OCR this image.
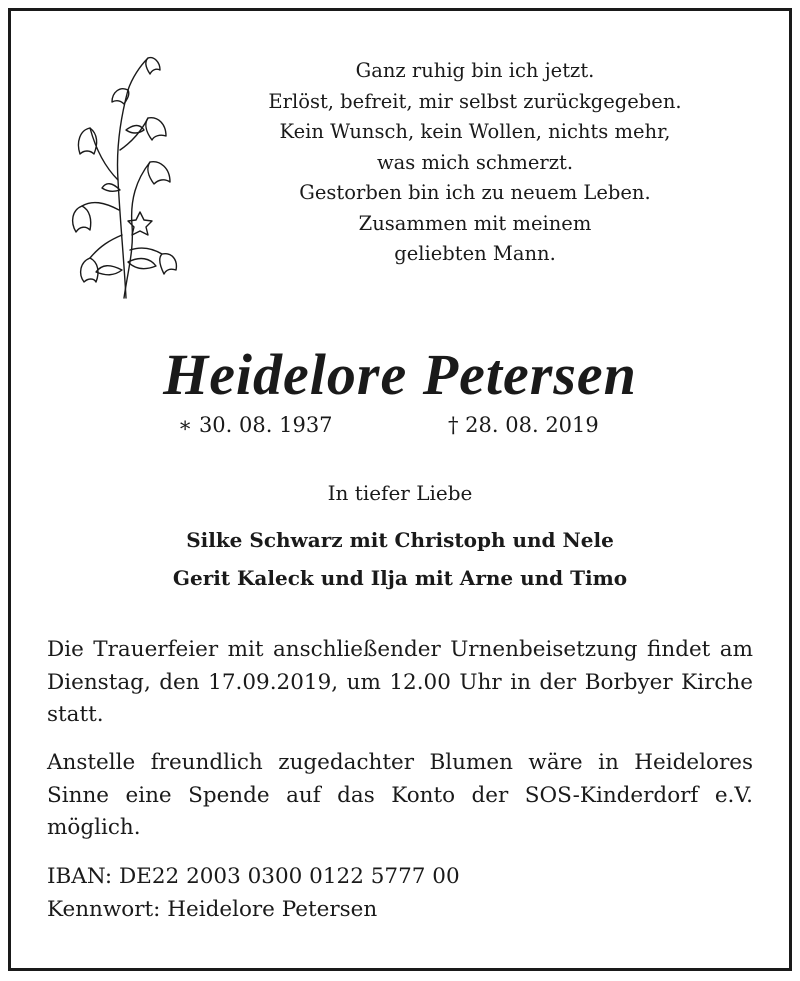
Ganz ruhig bin ich jetzt.
Erlöst, befreit, mir selbst zurückgegeben.
Kein Wunsch, kein Wollen, nichts mehr,
was mich schmerzt.
Gestorben bin ich zu neuem Leben.
Zusammen mit meinem
geliebten Mann.
Heidelore Petersen
∗ 30. 08. 1937	† 28. 08. 2019
In tiefer Liebe
Silke Schwarz mit Christoph und Nele
Gerit Kaleck und Ilja mit Arne und Timo
Die Trauerfeier mit anschließender Urnenbeisetzung findet am Dienstag, den 17.09.2019, um 12.00 Uhr in der Borbyer Kirche statt.
Anstelle freundlich zugedachter Blumen wäre in Heidelores Sinne eine Spende auf das Konto der SOS-Kinderdorf e.V. möglich.
IBAN: DE22 2003 0300 0122 5777 00
Kennwort: Heidelore Petersen
